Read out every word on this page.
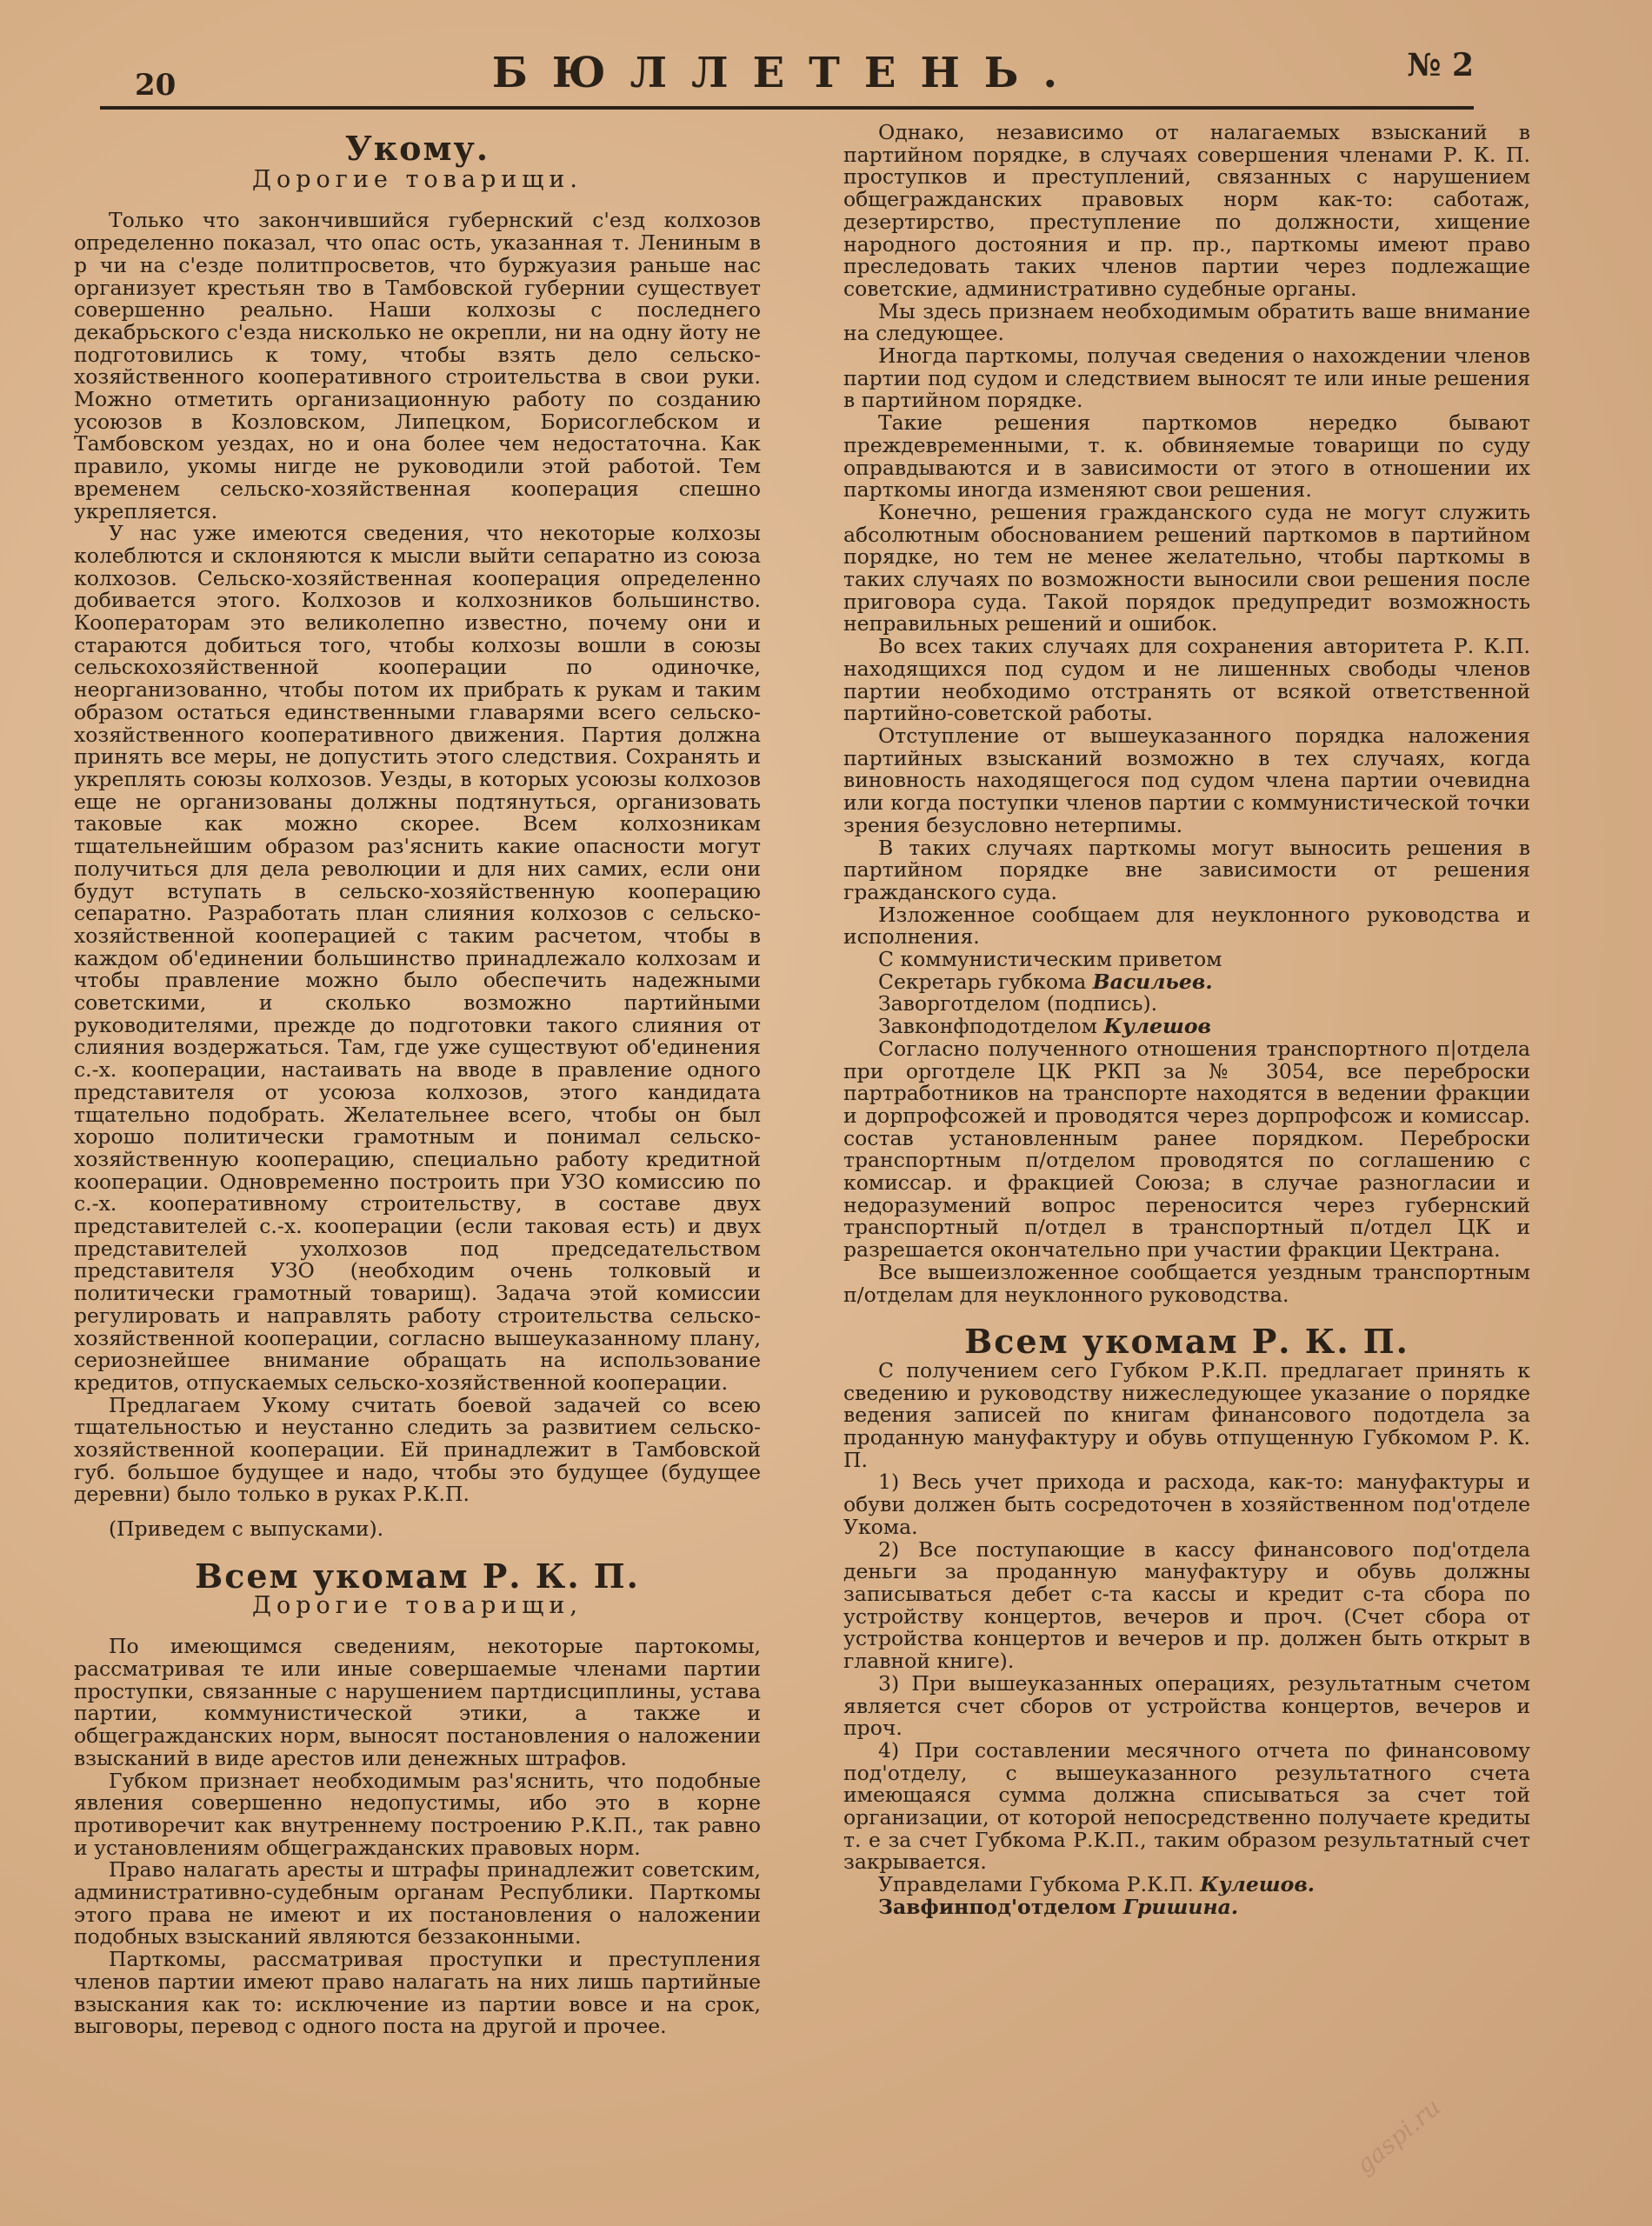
20	БЮЛЛЕТЕНЬ.	№ 2
Укому.
Дорогие товарищи.

Только что закончившийся губернский с'езд колхозов определенно показал, что опас ость, указанная т. Лениным в р чи на с'езде политпросветов, что буржуазия раньше нас организует крестьян тво в Тамбовской губернии существует совершенно реально. Наши колхозы с последнего декабрьского с'езда нисколько не окрепли, ни на одну йоту не подготовились к тому, чтобы взять дело сельско-хозяйственного кооперативного строительства в свои руки. Можно отметить организационную работу по созданию усоюзов в Козловском, Липецком, Борисоглебском и Тамбовском уездах, но и она более чем недостаточна. Как правило, укомы нигде не руководили этой работой. Тем временем сельско-хозяйственная кооперация спешно укрепляется.

У нас уже имеются сведения, что некоторые колхозы колеблются и склоняются к мысли выйти сепаратно из союза колхозов. Сельско-хозяйственная кооперация определенно добивается этого. Колхозов и колхозников большинство. Кооператорам это великолепно известно, почему они и стараются добиться того, чтобы колхозы вошли в союзы сельскохозяйственной кооперации по одиночке, неорганизованно, чтобы потом их прибрать к рукам и таким образом остаться единственными главарями всего сельско-хозяйственного кооперативного движения. Партия должна принять все меры, не допустить этого следствия. Сохранять и укреплять союзы колхозов. Уезды, в которых усоюзы колхозов еще не организованы должны подтянуться, организовать таковые как можно скорее. Всем колхозникам тщательнейшим образом раз'яснить какие опасности могут получиться для дела революции и для них самих, если они будут вступать в сельско-хозяйственную кооперацию сепаратно. Разработать план слияния колхозов с сельско-хозяйственной кооперацией с таким расчетом, чтобы в каждом об'единении большинство принадлежало колхозам и чтобы правление можно было обеспечить надежными советскими, и сколько возможно партийными руководителями, прежде до подготовки такого слияния от слияния воздержаться. Там, где уже существуют об'единения с.-х. кооперации, настаивать на вводе в правление одного представителя от усоюза колхозов, этого кандидата тщательно подобрать. Желательнее всего, чтобы он был хорошо политически грамотным и понимал сельско-хозяйственную кооперацию, специально работу кредитной кооперации. Одновременно построить при УЗО комиссию по с.-х. кооперативному строительству, в составе двух представителей с.-х. кооперации (если таковая есть) и двух представителей ухолхозов под председательством представителя УЗО (необходим очень толковый и политически грамотный товарищ). Задача этой комиссии регулировать и направлять работу строительства сельско-хозяйственной кооперации, согласно вышеуказанному плану, сериознейшее внимание обращать на использование кредитов, отпускаемых сельско-хозяйственной кооперации.

Предлагаем Укому считать боевой задачей со всею тщательностью и неустанно следить за развитием сельско-хозяйственной кооперации. Ей принадлежит в Тамбовской губ. большое будущее и надо, чтобы это будущее (будущее деревни) было только в руках Р.К.П.

(Приведем с выпусками).

Всем укомам Р. К. П.
Дорогие товарищи,

По имеющимся сведениям, некоторые партокомы, рассматривая те или иные совершаемые членами партии проступки, связанные с нарушением партдисциплины, устава партии, коммунистической этики, а также и общегражданских норм, выносят постановления о наложении взысканий в виде арестов или денежных штрафов.

Губком признает необходимым раз'яснить, что подобные явления совершенно недопустимы, ибо это в корне противоречит как внутреннему построению Р.К.П., так равно и установлениям общегражданских правовых норм.

Право налагать аресты и штрафы принадлежит советским, административно-судебным органам Республики. Парткомы этого права не имеют и их постановления о наложении подобных взысканий являются беззаконными.

Парткомы, рассматривая проступки и преступления членов партии имеют право налагать на них лишь партийные взыскания как то: исключение из партии вовсе и на срок, выговоры, перевод с одного поста на другой и прочее.

Однако, независимо от налагаемых взысканий в партийном порядке, в случаях совершения членами Р. К. П. проступков и преступлений, связанных с нарушением общегражданских правовых норм как-то: саботаж, дезертирство, преступление по должности, хищение народного достояния и пр. пр., парткомы имеют право преследовать таких членов партии через подлежащие советские, административно судебные органы.

Мы здесь признаем необходимым обратить ваше внимание на следующее.

Иногда парткомы, получая сведения о нахождении членов партии под судом и следствием выносят те или иные решения в партийном порядке.

Такие решения парткомов нередко бывают преждевременными, т. к. обвиняемые товарищи по суду оправдываются и в зависимости от этого в отношении их парткомы иногда изменяют свои решения.

Конечно, решения гражданского суда не могут служить абсолютным обоснованием решений парткомов в партийном порядке, но тем не менее желательно, чтобы парткомы в таких случаях по возможности выносили свои решения после приговора суда. Такой порядок предупредит возможность неправильных решений и ошибок.

Во всех таких случаях для сохранения авторитета Р. К.П. находящихся под судом и не лишенных свободы членов партии необходимо отстранять от всякой ответственной партийно-советской работы.

Отступление от вышеуказанного порядка наложения партийных взысканий возможно в тех случаях, когда виновность находящегося под судом члена партии очевидна или когда поступки членов партии с коммунистической точки зрения безусловно нетерпимы.

В таких случаях парткомы могут выносить решения в партийном порядке вне зависимости от решения гражданского суда.

Изложенное сообщаем для неуклонного руководства и исполнения.

С коммунистическим приветом

Секретарь губкома Васильев.

Заворготделом (подпись).

Завконфподотделом Кулешов

Согласно полученного отношения транспортного п|отдела при орготделе ЦК РКП за № 3054, все переброски партработников на транспорте находятся в ведении фракции и дорпрофсожей и проводятся через дорпрофсож и комиссар. состав установленным ранее порядком. Переброски транспортным п/отделом проводятся по соглашению с комиссар. и фракцией Союза; в случае разногласии и недоразумений вопрос переносится через губернский транспортный п/отдел в транспортный п/отдел ЦК и разрешается окончательно при участии фракции Цектрана.

Все вышеизложенное сообщается уездным транспортным п/отделам для неуклонного руководства.

Всем укомам Р. К. П.

С получением сего Губком Р.К.П. предлагает принять к сведению и руководству нижеследующее указание о порядке ведения записей по книгам финансового подотдела за проданную мануфактуру и обувь отпущенную Губкомом Р. К. П.

1) Весь учет прихода и расхода, как-то: мануфактуры и обуви должен быть сосредоточен в хозяйственном под'отделе Укома.

2) Все поступающие в кассу финансового под'отдела деньги за проданную мануфактуру и обувь должны записываться дебет с-та кассы и кредит с-та сбора по устройству концертов, вечеров и проч. (Счет сбора от устройства концертов и вечеров и пр. должен быть открыт в главной книге).

3) При вышеуказанных операциях, результатным счетом является счет сборов от устройства концертов, вечеров и проч.

4) При составлении месячного отчета по финансовому под'отделу, с вышеуказанного результатного счета имеющаяся сумма должна списываться за счет той организации, от которой непосредственно получаете кредиты т. е за счет Губкома Р.К.П., таким образом результатный счет закрывается.

Управделами Губкома Р.К.П. Кулешов.

Завфинпод'отделом Гришина.

gaspi.ru
